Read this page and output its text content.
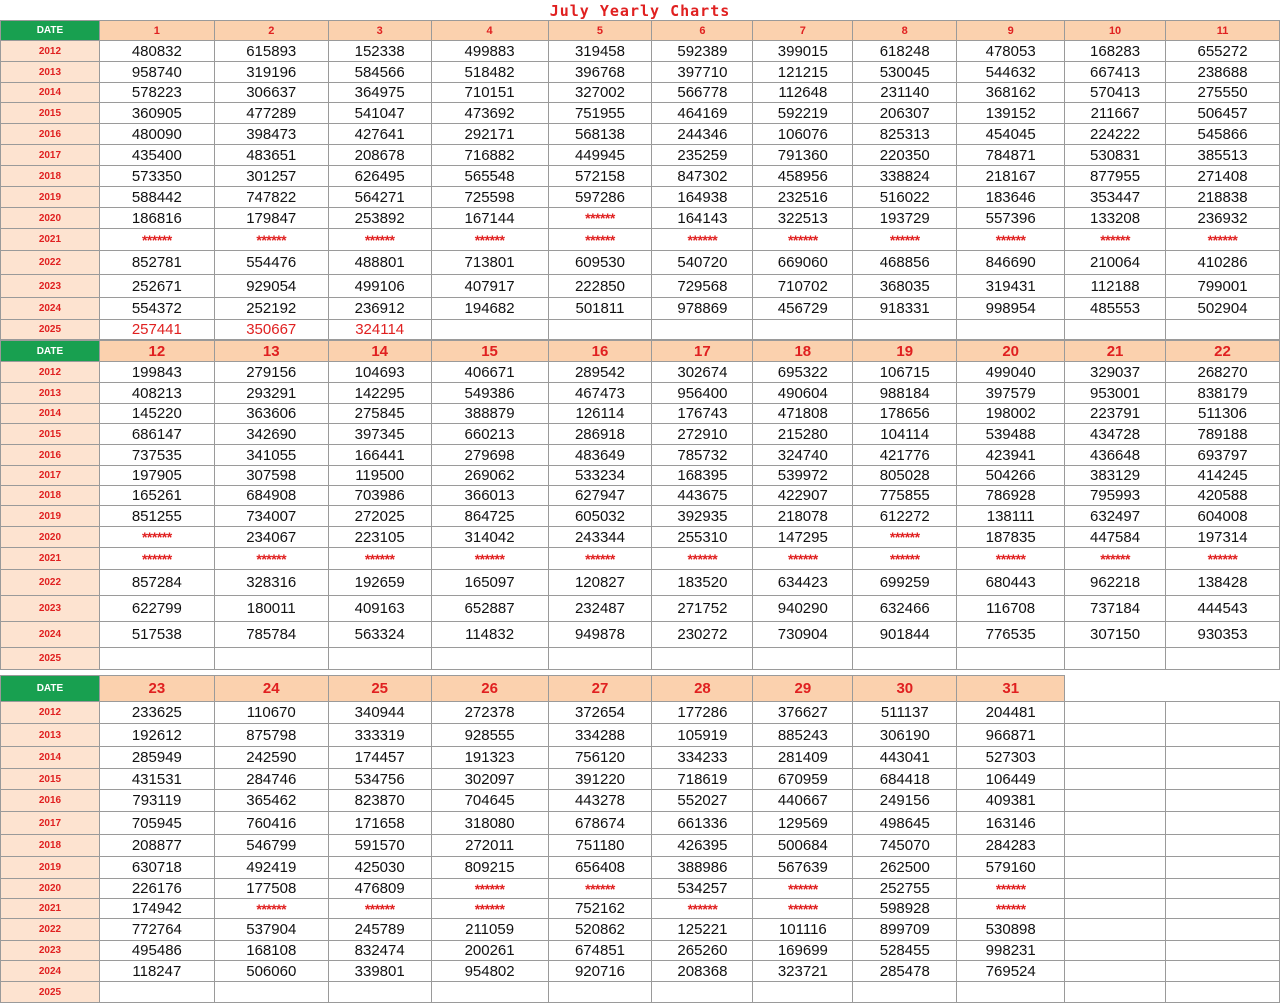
July Yearly Charts
DATE	1	2	3	4	5	6	7	8	9	10	11
2012	480832	615893	152338	499883	319458	592389	399015	618248	478053	168283	655272
2013	958740	319196	584566	518482	396768	397710	121215	530045	544632	667413	238688
2014	578223	306637	364975	710151	327002	566778	112648	231140	368162	570413	275550
2015	360905	477289	541047	473692	751955	464169	592219	206307	139152	211667	506457
2016	480090	398473	427641	292171	568138	244346	106076	825313	454045	224222	545866
2017	435400	483651	208678	716882	449945	235259	791360	220350	784871	530831	385513
2018	573350	301257	626495	565548	572158	847302	458956	338824	218167	877955	271408
2019	588442	747822	564271	725598	597286	164938	232516	516022	183646	353447	218838
2020	186816	179847	253892	167144	******	164143	322513	193729	557396	133208	236932
2021	******	******	******	******	******	******	******	******	******	******	******
2022	852781	554476	488801	713801	609530	540720	669060	468856	846690	210064	410286
2023	252671	929054	499106	407917	222850	729568	710702	368035	319431	112188	799001
2024	554372	252192	236912	194682	501811	978869	456729	918331	998954	485553	502904
2025	257441	350667	324114								
DATE	12	13	14	15	16	17	18	19	20	21	22
2012	199843	279156	104693	406671	289542	302674	695322	106715	499040	329037	268270
2013	408213	293291	142295	549386	467473	956400	490604	988184	397579	953001	838179
2014	145220	363606	275845	388879	126114	176743	471808	178656	198002	223791	511306
2015	686147	342690	397345	660213	286918	272910	215280	104114	539488	434728	789188
2016	737535	341055	166441	279698	483649	785732	324740	421776	423941	436648	693797
2017	197905	307598	119500	269062	533234	168395	539972	805028	504266	383129	414245
2018	165261	684908	703986	366013	627947	443675	422907	775855	786928	795993	420588
2019	851255	734007	272025	864725	605032	392935	218078	612272	138111	632497	604008
2020	******	234067	223105	314042	243344	255310	147295	******	187835	447584	197314
2021	******	******	******	******	******	******	******	******	******	******	******
2022	857284	328316	192659	165097	120827	183520	634423	699259	680443	962218	138428
2023	622799	180011	409163	652887	232487	271752	940290	632466	116708	737184	444543
2024	517538	785784	563324	114832	949878	230272	730904	901844	776535	307150	930353
2025											
DATE	23	24	25	26	27	28	29	30	31		
2012	233625	110670	340944	272378	372654	177286	376627	511137	204481		
2013	192612	875798	333319	928555	334288	105919	885243	306190	966871		
2014	285949	242590	174457	191323	756120	334233	281409	443041	527303		
2015	431531	284746	534756	302097	391220	718619	670959	684418	106449		
2016	793119	365462	823870	704645	443278	552027	440667	249156	409381		
2017	705945	760416	171658	318080	678674	661336	129569	498645	163146		
2018	208877	546799	591570	272011	751180	426395	500684	745070	284283		
2019	630718	492419	425030	809215	656408	388986	567639	262500	579160		
2020	226176	177508	476809	******	******	534257	******	252755	******		
2021	174942	******	******	******	752162	******	******	598928	******		
2022	772764	537904	245789	211059	520862	125221	101116	899709	530898		
2023	495486	168108	832474	200261	674851	265260	169699	528455	998231		
2024	118247	506060	339801	954802	920716	208368	323721	285478	769524		
2025											
